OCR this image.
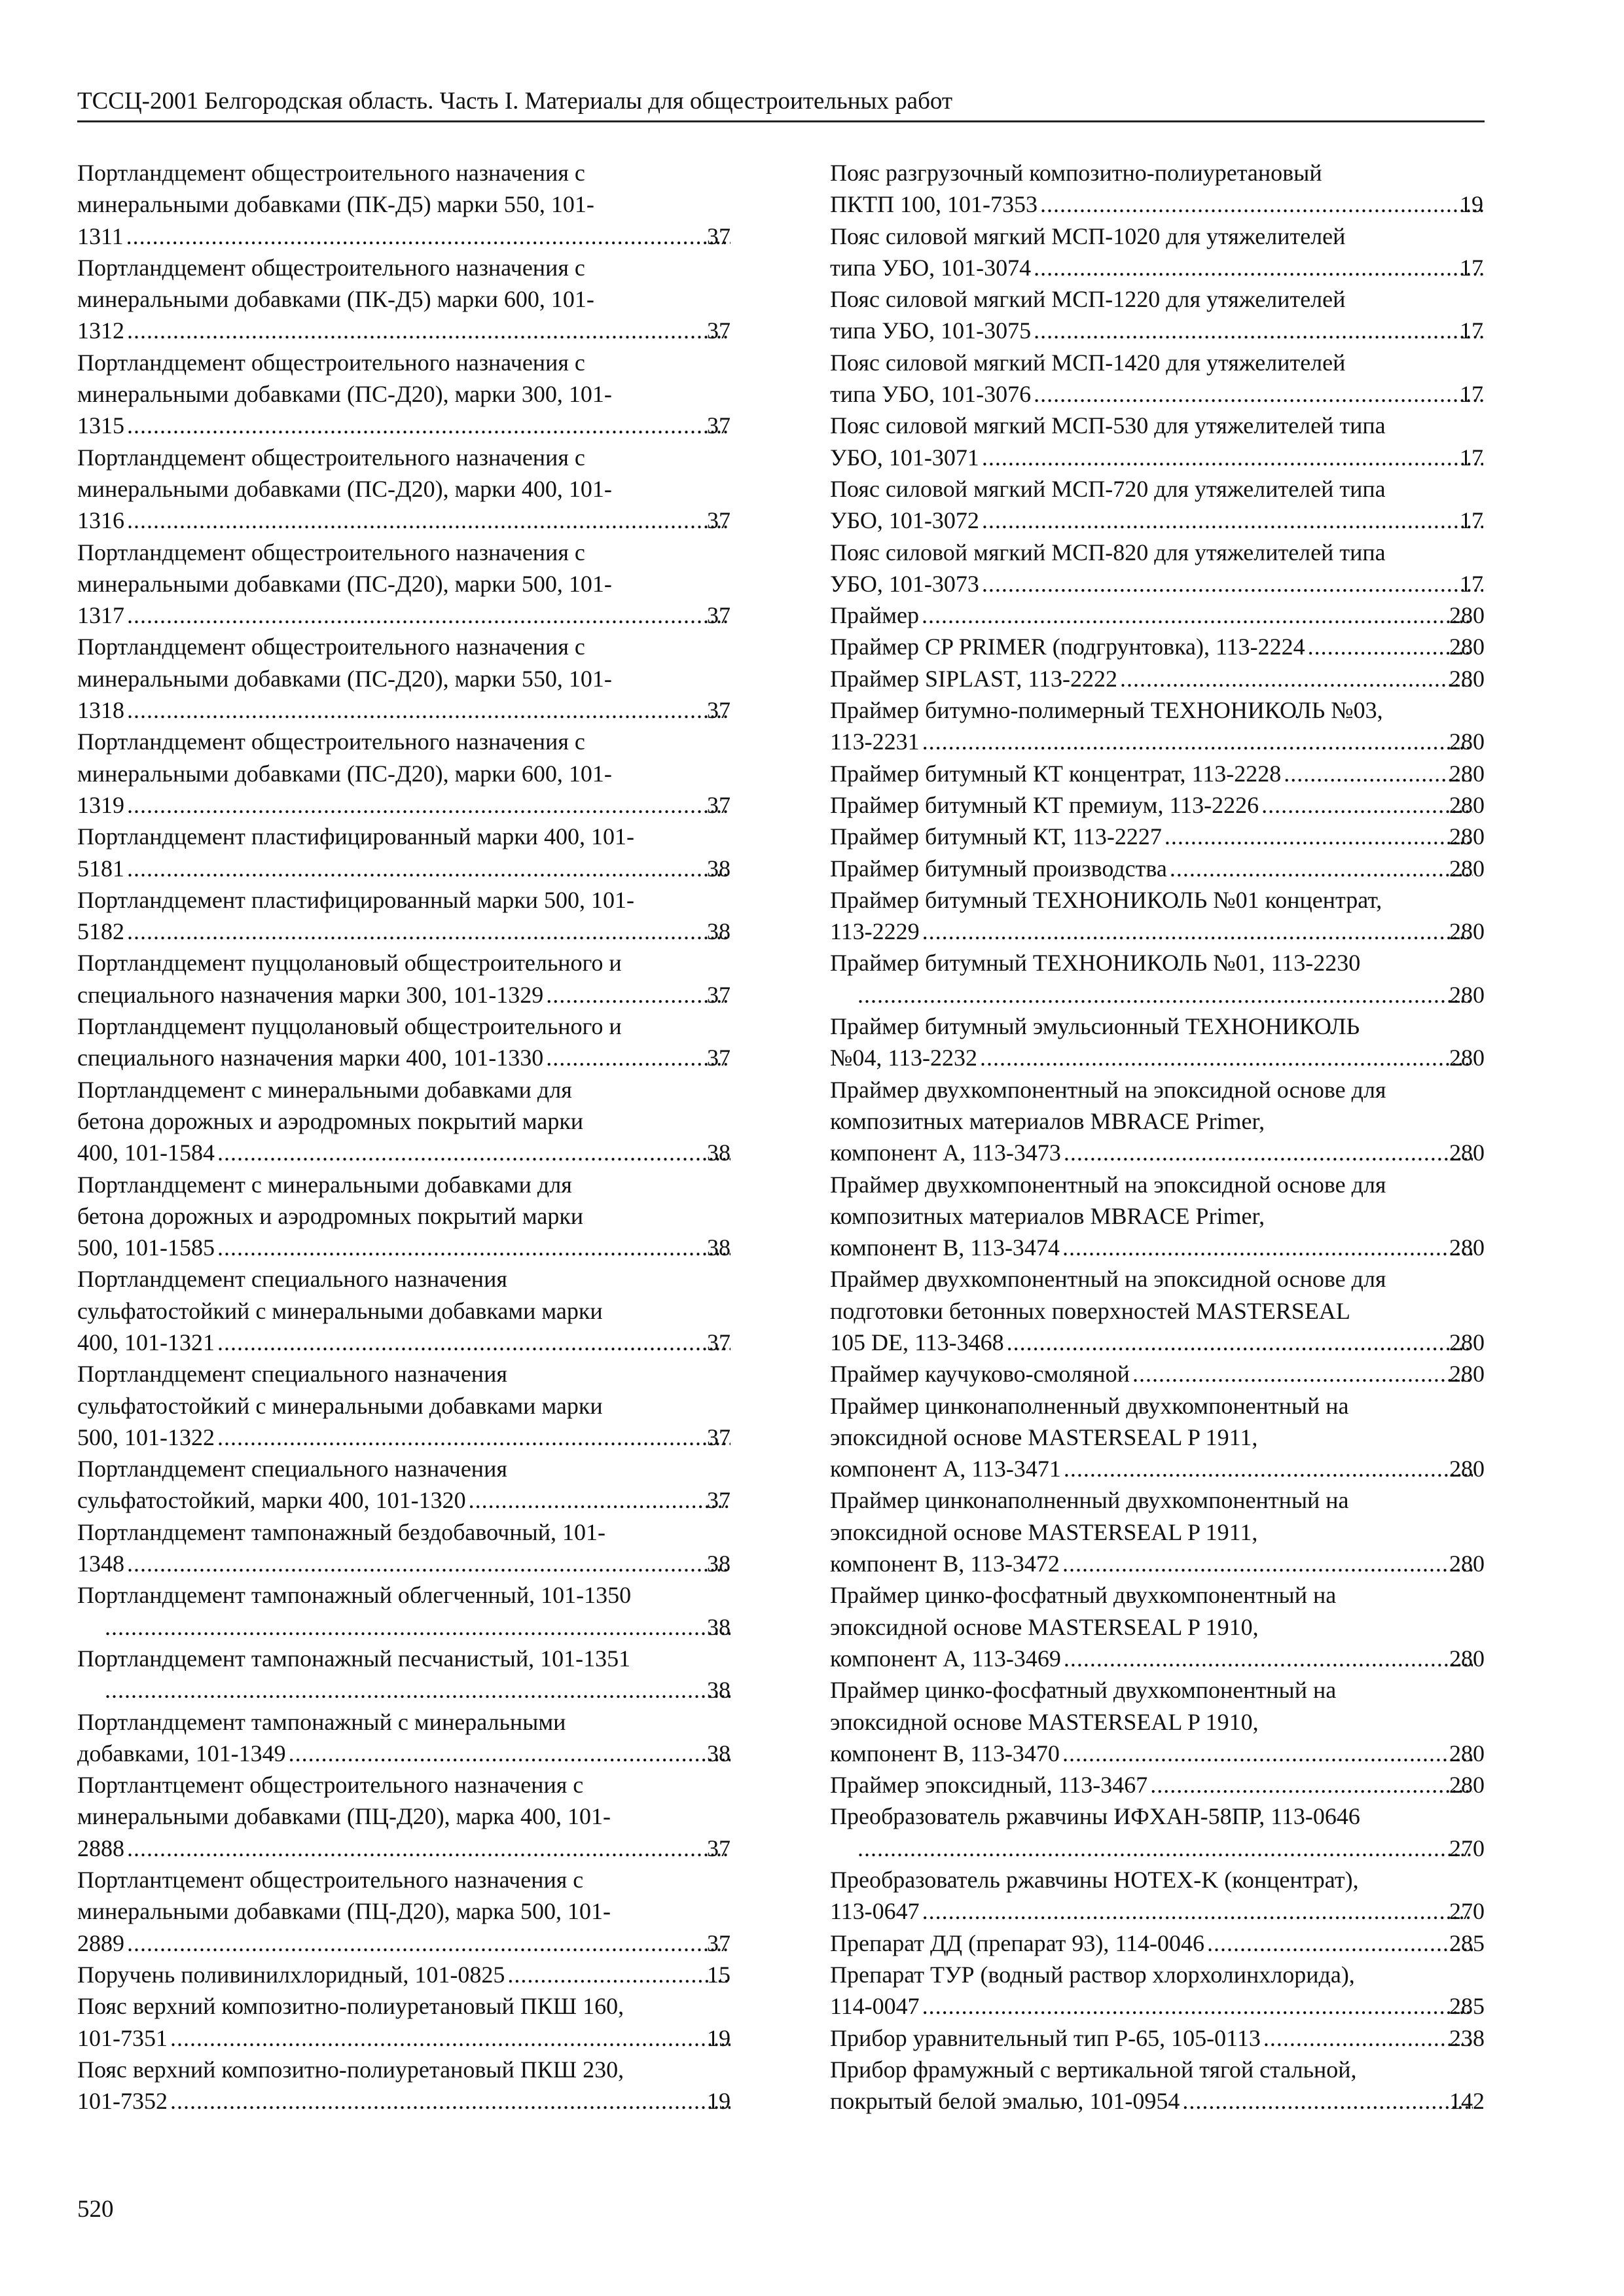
ТССЦ-2001 Белгородская область. Часть I. Материалы для общестроительных работ
Портландцемент общестроительного назначения с
минеральными добавками (ПК-Д5) марки 550, 101-
1311 .....	37
Портландцемент общестроительного назначения с
минеральными добавками (ПК-Д5) марки 600, 101-
1312 .....	37
Портландцемент общестроительного назначения с
минеральными добавками (ПС-Д20), марки 300, 101-
1315 .....	37
Портландцемент общестроительного назначения с
минеральными добавками (ПС-Д20), марки 400, 101-
1316 .....	37
Портландцемент общестроительного назначения с
минеральными добавками (ПС-Д20), марки 500, 101-
1317 .....	37
Портландцемент общестроительного назначения с
минеральными добавками (ПС-Д20), марки 550, 101-
1318 .....	37
Портландцемент общестроительного назначения с
минеральными добавками (ПС-Д20), марки 600, 101-
1319 .....	37
Портландцемент пластифицированный марки 400, 101-
5181 .....	38
Портландцемент пластифицированный марки 500, 101-
5182 .....	38
Портландцемент пуццолановый общестроительного и
специального назначения марки 300, 101-1329 .....	37
Портландцемент пуццолановый общестроительного и
специального назначения марки 400, 101-1330 .....	37
Портландцемент с минеральными добавками для
бетона дорожных и аэродромных покрытий марки
400, 101-1584 .....	38
Портландцемент с минеральными добавками для
бетона дорожных и аэродромных покрытий марки
500, 101-1585 .....	38
Портландцемент специального назначения
сульфатостойкий с минеральными добавками марки
400, 101-1321 .....	37
Портландцемент специального назначения
сульфатостойкий с минеральными добавками марки
500, 101-1322 .....	37
Портландцемент специального назначения
сульфатостойкий, марки 400, 101-1320 .....	37
Портландцемент тампонажный бездобавочный, 101-
1348 .....	38
Портландцемент тампонажный облегченный, 101-1350
.....
38
Портландцемент тампонажный песчанистый, 101-1351
.....
38
Портландцемент тампонажный с минеральными
добавками, 101-1349 .....	38
Портлантцемент общестроительного назначения с
минеральными добавками (ПЦ-Д20), марка 400, 101-
2888 .....	37
Портлантцемент общестроительного назначения с
минеральными добавками (ПЦ-Д20), марка 500, 101-
2889 .....	37
Поручень поливинилхлоридный, 101-0825 .....	15
Пояс верхний композитно-полиуретановый ПКШ 160,
101-7351 .....	19
Пояс верхний композитно-полиуретановый ПКШ 230,
101-7352 .....	19
Пояс разгрузочный композитно-полиуретановый
ПКТП 100, 101-7353 .....	19
Пояс силовой мягкий МСП-1020 для утяжелителей
типа УБО, 101-3074 .....	17
Пояс силовой мягкий МСП-1220 для утяжелителей
типа УБО, 101-3075 .....	17
Пояс силовой мягкий МСП-1420 для утяжелителей
типа УБО, 101-3076 .....	17
Пояс силовой мягкий МСП-530 для утяжелителей типа
УБО, 101-3071 .....	17
Пояс силовой мягкий МСП-720 для утяжелителей типа
УБО, 101-3072 .....	17
Пояс силовой мягкий МСП-820 для утяжелителей типа
УБО, 101-3073 .....	17
Праймер .....	280
Праймер CP PRIMER (подгрунтовка), 113-2224 .....	280
Праймер SIPLAST, 113-2222 .....	280
Праймер битумно-полимерный ТЕХНОНИКОЛЬ №03,
113-2231 .....	280
Праймер битумный КТ концентрат, 113-2228 .....	280
Праймер битумный КТ премиум, 113-2226 .....	280
Праймер битумный КТ, 113-2227 .....	280
Праймер битумный производства .....	280
Праймер битумный ТЕХНОНИКОЛЬ №01 концентрат,
113-2229 .....	280
Праймер битумный ТЕХНОНИКОЛЬ №01, 113-2230
.....
280
Праймер битумный эмульсионный ТЕХНОНИКОЛЬ
№04, 113-2232 .....	280
Праймер двухкомпонентный на эпоксидной основе для
композитных материалов MBRACE Primer,
компонент A, 113-3473 .....	280
Праймер двухкомпонентный на эпоксидной основе для
композитных материалов MBRACE Primer,
компонент B, 113-3474 .....	280
Праймер двухкомпонентный на эпоксидной основе для
подготовки бетонных поверхностей MASTERSEAL
105 DE, 113-3468 .....	280
Праймер каучуково-смоляной .....	280
Праймер цинконаполненный двухкомпонентный на
эпоксидной основе MASTERSEAL P 1911,
компонент A, 113-3471 .....	280
Праймер цинконаполненный двухкомпонентный на
эпоксидной основе MASTERSEAL P 1911,
компонент B, 113-3472 .....	280
Праймер цинко-фосфатный двухкомпонентный на
эпоксидной основе MASTERSEAL P 1910,
компонент A, 113-3469 .....	280
Праймер цинко-фосфатный двухкомпонентный на
эпоксидной основе MASTERSEAL P 1910,
компонент B, 113-3470 .....	280
Праймер эпоксидный, 113-3467 .....	280
Преобразователь ржавчины ИФХАН-58ПР, 113-0646
.....
270
Преобразователь ржавчины HOTEX-K (концентрат),
113-0647 .....	270
Препарат ДД (препарат 93), 114-0046 .....	285
Препарат ТУР (водный раствор хлорхолинхлорида),
114-0047 .....	285
Прибор уравнительный тип Р-65, 105-0113 .....	238
Прибор фрамужный с вертикальной тягой стальной,
покрытый белой эмалью, 101-0954 .....	142
520
